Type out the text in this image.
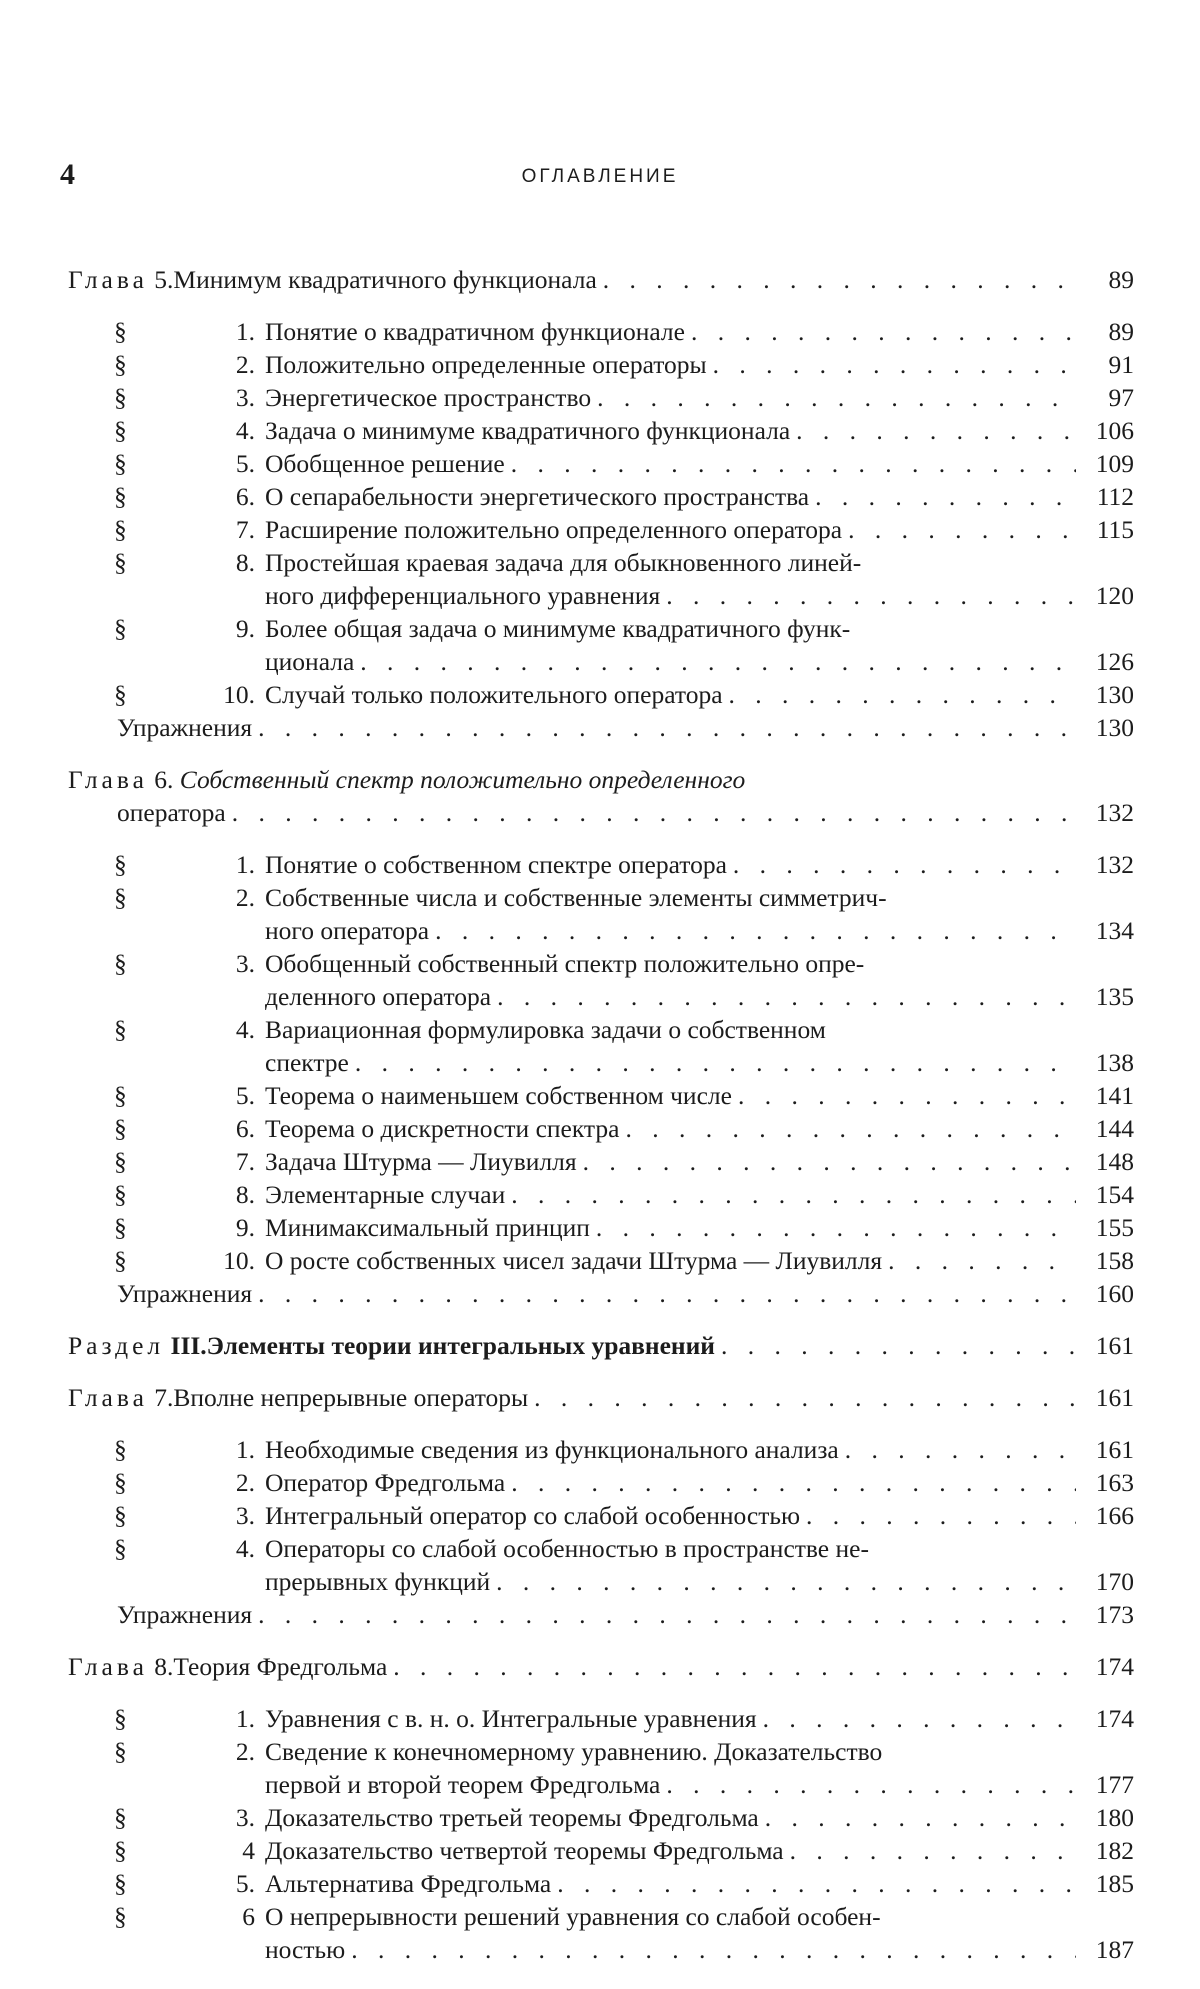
4	ОГЛАВЛЕНИЕ
Глава 5. Минимум квадратичного функционала . . .	89
§	1. Понятие о квадратичном функционале . . .	89
§	2. Положительно определенные операторы . . .	91
§	3. Энергетическое пространство . . .	97
§	4. Задача о минимуме квадратичного функционала . . .	106
§	5. Обобщенное решение . . .	109
§	6. О сепарабельности энергетического пространства . . .	112
§	7. Расширение положительно определенного оператора . . .	115
§	8. Простейшая краевая задача для обыкновенного линей-
ного дифференциального уравнения . . .	120
§	9. Более общая задача о минимуме квадратичного функ-
ционала . . .	126
§	10. Случай только положительного оператора . . .	130
Упражнения . . .	130
Глава 6. Собственный спектр положительно определенного
оператора . . .	132
§	1. Понятие о собственном спектре оператора . . .	132
§	2. Собственные числа и собственные элементы симметрич-
ного оператора . . .	134
§	3. Обобщенный собственный спектр положительно опре-
деленного оператора . . .	135
§	4. Вариационная формулировка задачи о собственном
спектре . . .	138
§	5. Теорема о наименьшем собственном числе . . .	141
§	6. Теорема о дискретности спектра . . .	144
§	7. Задача Штурма — Лиувилля . . .	148
§	8. Элементарные случаи . . .	154
§	9. Минимаксимальный принцип . . .	155
§	10. О росте собственных чисел задачи Штурма — Лиувилля . . .	158
Упражнения . . .	160
Раздел III. Элементы теории интегральных уравнений . . .	161
Глава 7. Вполне непрерывные операторы . . .	161
§	1. Необходимые сведения из функционального анализа . . .	161
§	2. Оператор Фредгольма . . .	163
§	3. Интегральный оператор со слабой особенностью . . .	166
§	4. Операторы со слабой особенностью в пространстве не-
прерывных функций . . .	170
Упражнения . . .	173
Глава 8. Теория Фредгольма . . .	174
§	1. Уравнения с в. н. о. Интегральные уравнения . . .	174
§	2. Сведение к конечномерному уравнению. Доказательство
первой и второй теорем Фредгольма . . .	177
§	3. Доказательство третьей теоремы Фредгольма . . .	180
§	4 Доказательство четвертой теоремы Фредгольма . . .	182
§	5. Альтернатива Фредгольма . . .	185
§	6 О непрерывности решений уравнения со слабой особен-
ностью . . .	187
